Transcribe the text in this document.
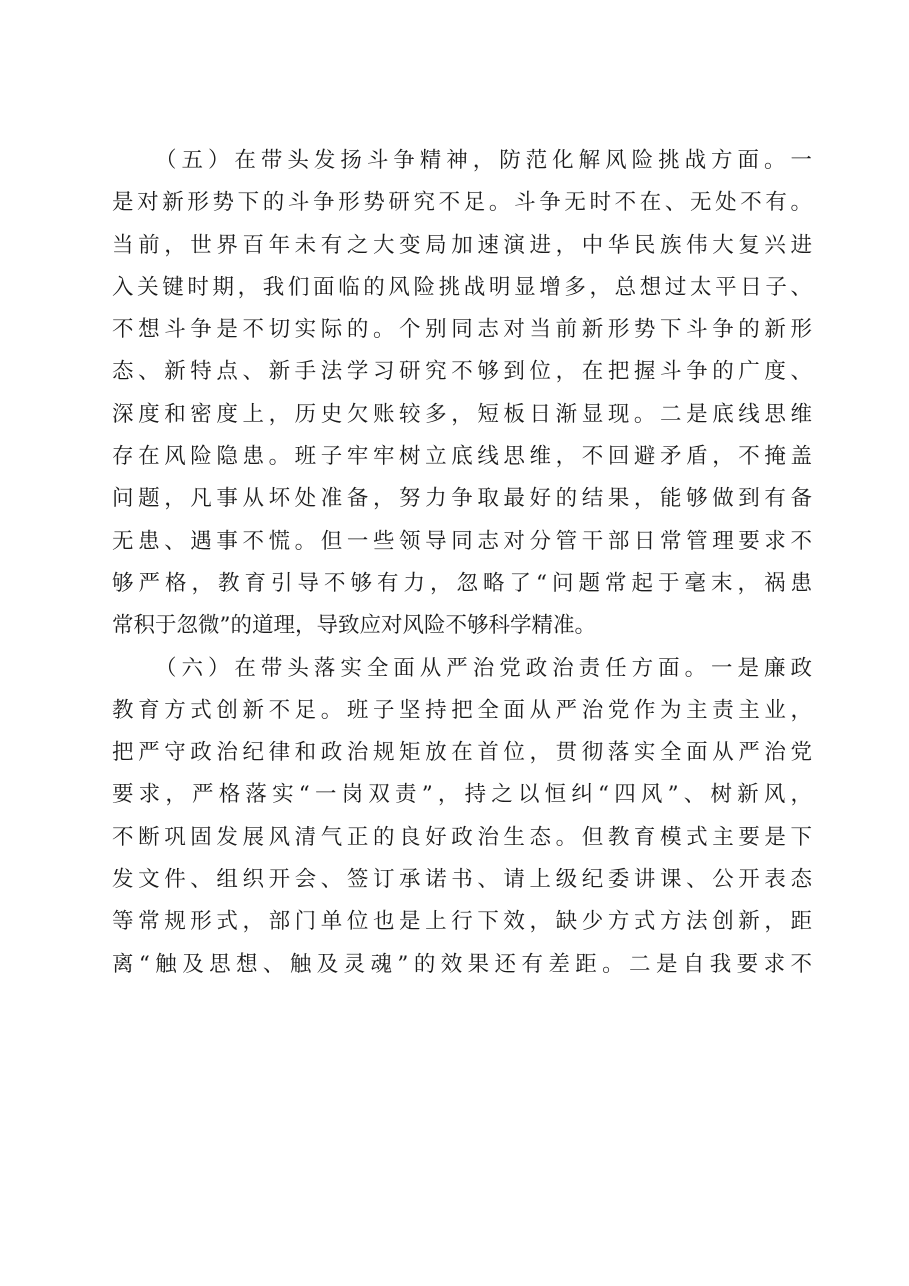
（五）在带头发扬斗争精神，防范化解风险挑战方面。一
是对新形势下的斗争形势研究不足。斗争无时不在、无处不有。
当前，世界百年未有之大变局加速演进，中华民族伟大复兴进
入关键时期，我们面临的风险挑战明显增多，总想过太平日子、
不想斗争是不切实际的。个别同志对当前新形势下斗争的新形
态、新特点、新手法学习研究不够到位，在把握斗争的广度、
深度和密度上，历史欠账较多，短板日渐显现。二是底线思维
存在风险隐患。班子牢牢树立底线思维，不回避矛盾，不掩盖
问题，凡事从坏处准备，努力争取最好的结果，能够做到有备
无患、遇事不慌。但一些领导同志对分管干部日常管理要求不
够严格，教育引导不够有力，忽略了“问题常起于毫末，祸患
常积于忽微”的道理，导致应对风险不够科学精准。
（六）在带头落实全面从严治党政治责任方面。一是廉政
教育方式创新不足。班子坚持把全面从严治党作为主责主业，
把严守政治纪律和政治规矩放在首位，贯彻落实全面从严治党
要求，严格落实“一岗双责”，持之以恒纠“四风”、树新风，
不断巩固发展风清气正的良好政治生态。但教育模式主要是下
发文件、组织开会、签订承诺书、请上级纪委讲课、公开表态
等常规形式，部门单位也是上行下效，缺少方式方法创新，距
离“触及思想、触及灵魂”的效果还有差距。二是自我要求不
